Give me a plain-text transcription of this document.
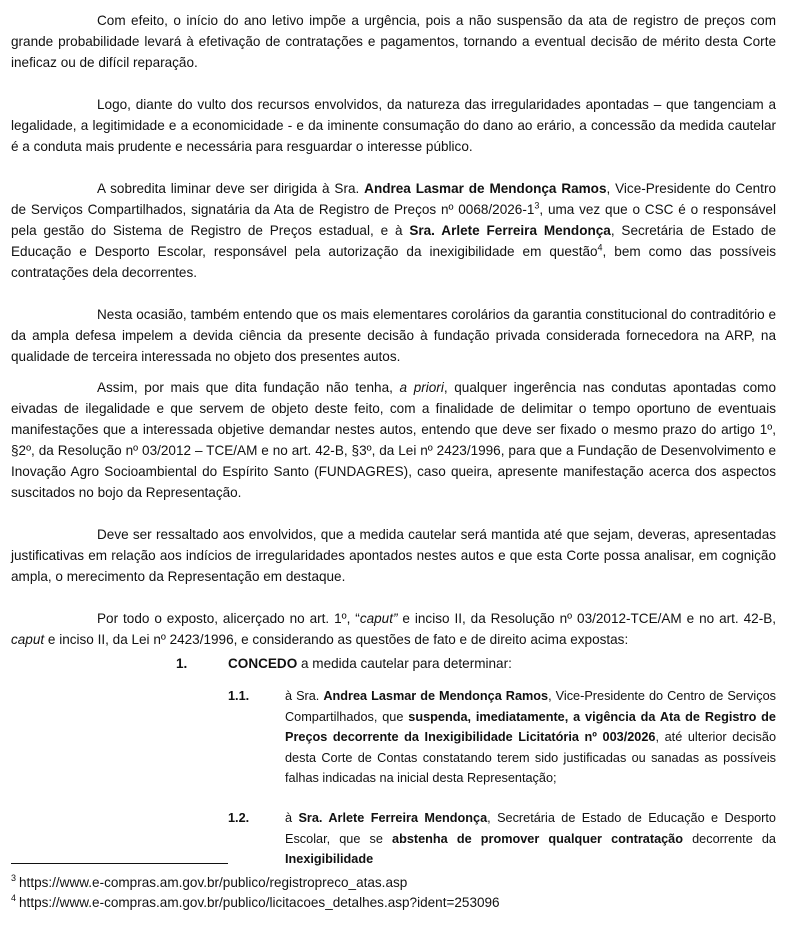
Com efeito, o início do ano letivo impõe a urgência, pois a não suspensão da ata de registro de preços com grande probabilidade levará à efetivação de contratações e pagamentos, tornando a eventual decisão de mérito desta Corte ineficaz ou de difícil reparação.

Logo, diante do vulto dos recursos envolvidos, da natureza das irregularidades apontadas – que tangenciam a legalidade, a legitimidade e a economicidade - e da iminente consumação do dano ao erário, a concessão da medida cautelar é a conduta mais prudente e necessária para resguardar o interesse público.

A sobredita liminar deve ser dirigida à Sra. Andrea Lasmar de Mendonça Ramos, Vice-Presidente do Centro de Serviços Compartilhados, signatária da Ata de Registro de Preços nº $0068/2026-1^3$, uma vez que o CSC é o responsável pela gestão do Sistema de Registro de Preços estadual, e à Sra. Arlete Ferreira Mendonça, Secretária de Estado de Educação e Desporto Escolar, responsável pela autorização da inexigibilidade em questão$^4$, bem como das possíveis contratações dela decorrentes.

Nesta ocasião, também entendo que os mais elementares corolários da garantia constitucional do contraditório e da ampla defesa impelem a devida ciência da presente decisão à fundação privada considerada fornecedora na ARP, na qualidade de terceira interessada no objeto dos presentes autos.

Assim, por mais que dita fundação não tenha, a priori, qualquer ingerência nas condutas apontadas como eivadas de ilegalidade e que servem de objeto deste feito, com a finalidade de delimitar o tempo oportuno de eventuais manifestações que a interessada objetive demandar nestes autos, entendo que deve ser fixado o mesmo prazo do artigo 1º, §2º, da Resolução nº 03/2012 – TCE/AM e no art. 42-B, §3º, da Lei nº 2423/1996, para que a Fundação de Desenvolvimento e Inovação Agro Socioambiental do Espírito Santo (FUNDAGRES), caso queira, apresente manifestação acerca dos aspectos suscitados no bojo da Representação.

Deve ser ressaltado aos envolvidos, que a medida cautelar será mantida até que sejam, deveras, apresentadas justificativas em relação aos indícios de irregularidades apontados nestes autos e que esta Corte possa analisar, em cognição ampla, o merecimento da Representação em destaque.

Por todo o exposto, alicerçado no art. 1º, “caput” e inciso II, da Resolução nº 03/2012-TCE/AM e no art. 42-B, caput e inciso II, da Lei nº 2423/1996, e considerando as questões de fato e de direito acima expostas:

1.	CONCEDO a medida cautelar para determinar:
1.1.	à Sra. Andrea Lasmar de Mendonça Ramos, Vice-Presidente do Centro de Serviços Compartilhados, que suspenda, imediatamente, a vigência da Ata de Registro de Preços decorrente da Inexigibilidade Licitatória nº 003/2026, até ulterior decisão desta Corte de Contas constatando terem sido justificadas ou sanadas as possíveis falhas indicadas na inicial desta Representação;
1.2.	à Sra. Arlete Ferreira Mendonça, Secretária de Estado de Educação e Desporto Escolar, que se abstenha de promover qualquer contratação decorrente da Inexigibilidade
$^3$ https://www.e-compras.am.gov.br/publico/registropreco_atas.asp
$^4$ https://www.e-compras.am.gov.br/publico/licitacoes_detalhes.asp?ident=253096
